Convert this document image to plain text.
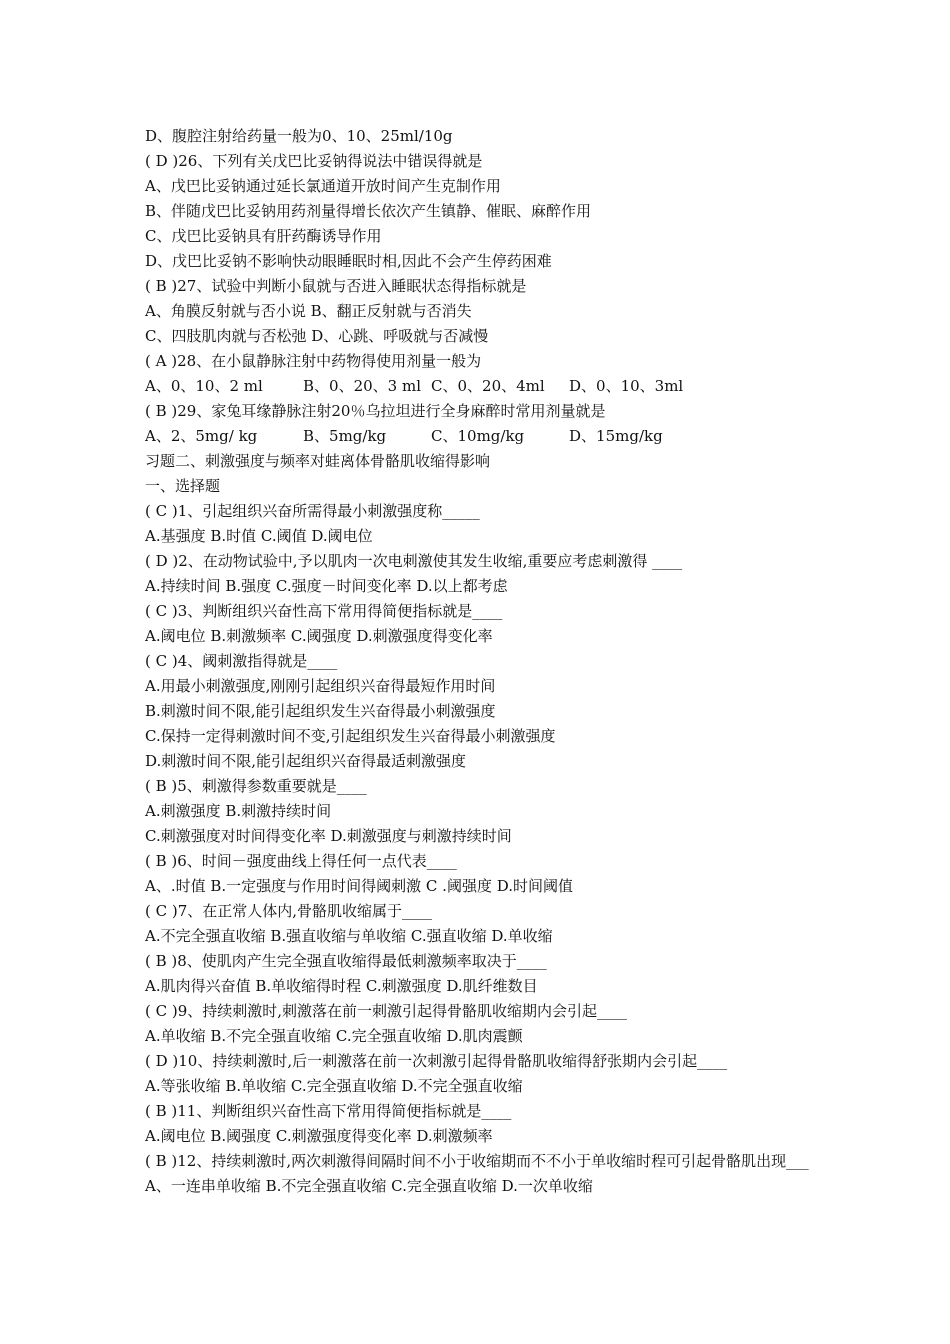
D、腹腔注射给药量一般为0、10、25ml/10g
( D )26、下列有关戊巴比妥钠得说法中错误得就是
A、戊巴比妥钠通过延长氯通道开放时间产生克制作用
B、伴随戊巴比妥钠用药剂量得增长依次产生镇静、催眠、麻醉作用
C、戊巴比妥钠具有肝药酶诱导作用
D、戊巴比妥钠不影响快动眼睡眠时相,因此不会产生停药困难
( B )27、试验中判断小鼠就与否进入睡眠状态得指标就是
A、角膜反射就与否小说 B、翻正反射就与否消失
C、四肢肌肉就与否松弛 D、心跳、呼吸就与否减慢
( A )28、在小鼠静脉注射中药物得使用剂量一般为
A、0、10、2 ml	B、0、20、3 ml C、0、20、4ml D、0、10、3ml
( B )29、家兔耳缘静脉注射20％乌拉坦进行全身麻醉时常用剂量就是
A、2、5mg/ kg	B、5mg/kg	C、10mg/kg	D、15mg/kg
习题二、刺激强度与频率对蛙离体骨骼肌收缩得影响
一、选择题
( C )1、引起组织兴奋所需得最小刺激强度称_____
A.基强度 B.时值 C.阈值 D.阈电位
( D )2、在动物试验中,予以肌肉一次电刺激使其发生收缩,重要应考虑刺激得 ____
A.持续时间 B.强度 C.强度－时间变化率 D.以上都考虑
( C )3、判断组织兴奋性高下常用得简便指标就是____
A.阈电位 B.刺激频率 C.阈强度 D.刺激强度得变化率
( C )4、阈刺激指得就是____
A.用最小刺激强度,刚刚引起组织兴奋得最短作用时间
B.刺激时间不限,能引起组织发生兴奋得最小刺激强度
C.保持一定得刺激时间不变,引起组织发生兴奋得最小刺激强度
D.刺激时间不限,能引起组织兴奋得最适刺激强度
( B )5、刺激得参数重要就是____
A.刺激强度 B.刺激持续时间
C.刺激强度对时间得变化率 D.刺激强度与刺激持续时间
( B )6、时间－强度曲线上得任何一点代表____
A、.时值 B.一定强度与作用时间得阈刺激 C .阈强度 D.时间阈值
( C )7、在正常人体内,骨骼肌收缩属于____
A.不完全强直收缩 B.强直收缩与单收缩 C.强直收缩 D.单收缩
( B )8、使肌肉产生完全强直收缩得最低刺激频率取决于____
A.肌肉得兴奋值 B.单收缩得时程 C.刺激强度 D.肌纤维数目
( C )9、持续刺激时,刺激落在前一刺激引起得骨骼肌收缩期内会引起____
A.单收缩 B.不完全强直收缩 C.完全强直收缩 D.肌肉震颤
( D )10、持续刺激时,后一刺激落在前一次刺激引起得骨骼肌收缩得舒张期内会引起____
A.等张收缩 B.单收缩 C.完全强直收缩 D.不完全强直收缩
( B )11、判断组织兴奋性高下常用得简便指标就是____
A.阈电位 B.阈强度 C.刺激强度得变化率 D.刺激频率
( B )12、持续刺激时,两次刺激得间隔时间不小于收缩期而不不小于单收缩时程可引起骨骼肌出现___
A、一连串单收缩 B.不完全强直收缩 C.完全强直收缩 D.一次单收缩
